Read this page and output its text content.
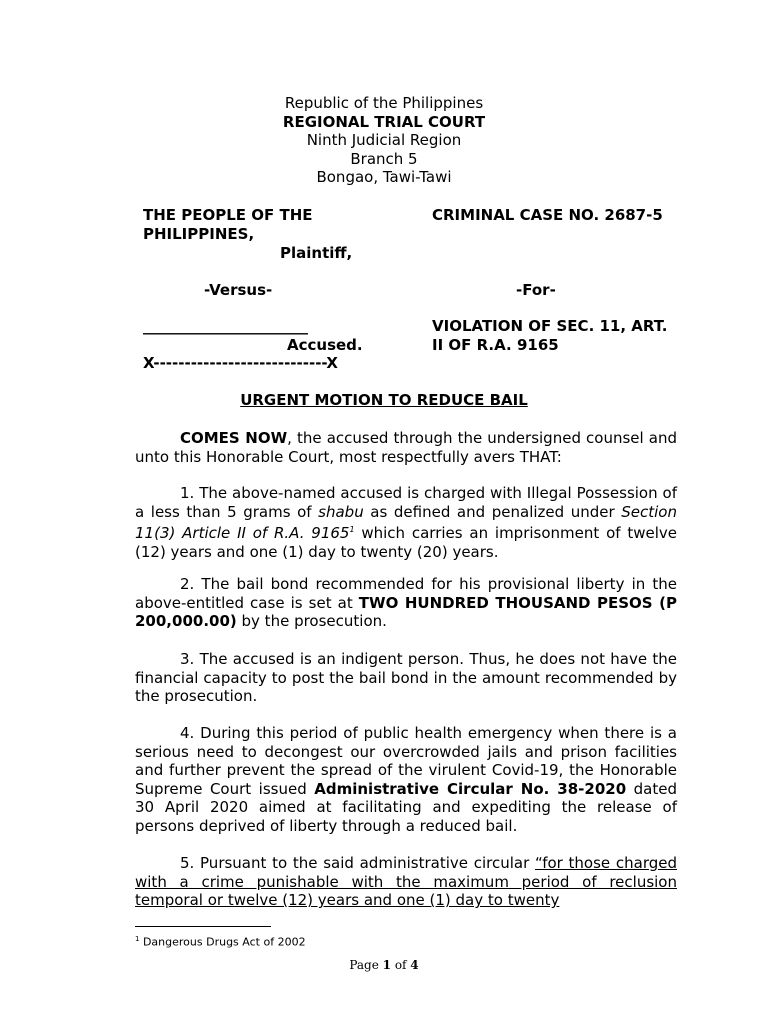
Republic of the Philippines
REGIONAL TRIAL COURT
Ninth Judicial Region
Branch 5
Bongao, Tawi-Tawi
THE PEOPLE OF THE
PHILIPPINES,
Plaintiff,
-Versus-
______________________
Accused.
X----------------------------X
CRIMINAL CASE NO. 2687-5
-For-
VIOLATION OF SEC. 11, ART.
II OF R.A. 9165
URGENT MOTION TO REDUCE BAIL
COMES NOW, the accused through the undersigned counsel and unto this Honorable Court, most respectfully avers THAT:
1. The above-named accused is charged with Illegal Possession of a less than 5 grams of shabu as defined and penalized under Section 11(3) Article II of R.A. 9165$^1$ which carries an imprisonment of twelve (12) years and one (1) day to twenty (20) years.
2. The bail bond recommended for his provisional liberty in the above-entitled case is set at TWO HUNDRED THOUSAND PESOS (P 200,000.00) by the prosecution.
3. The accused is an indigent person. Thus, he does not have the financial capacity to post the bail bond in the amount recommended by the prosecution.
4. During this period of public health emergency when there is a serious need to decongest our overcrowded jails and prison facilities and further prevent the spread of the virulent Covid-19, the Honorable Supreme Court issued Administrative Circular No. 38-2020 dated 30 April 2020 aimed at facilitating and expediting the release of persons deprived of liberty through a reduced bail.
5. Pursuant to the said administrative circular “for those charged with a crime punishable with the maximum period of reclusion temporal or twelve (12) years and one (1) day to twenty
$^1$ Dangerous Drugs Act of 2002
Page 1 of 4
